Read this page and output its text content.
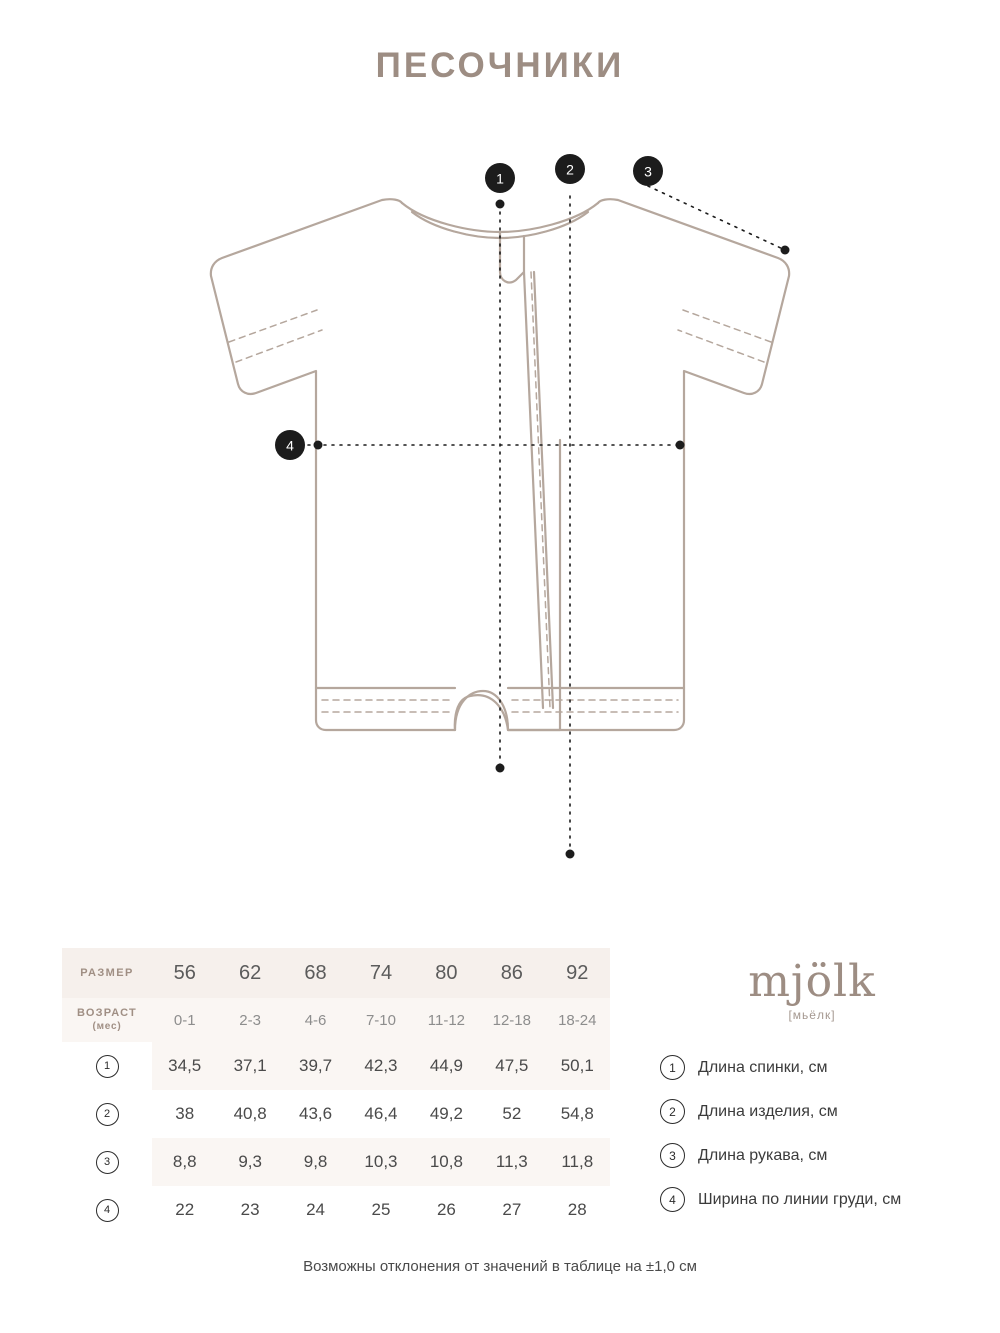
ПЕСОЧНИКИ
1
2	3
4
РАЗМЕР	56	62	68	74	80	86	92
ВОЗРАСТ
(мес)	0-1	2-3	4-6	7-10	11-12	12-18	18-24
1	34,5	37,1	39,7	42,3	44,9	47,5	50,1
2	38	40,8	43,6	46,4	49,2	52	54,8
3	8,8	9,3	9,8	10,3	10,8	11,3	11,8
4	22	23	24	25	26	27	28
mjölk
[мьёлк]
1	Длина спинки, см
2	Длина изделия, см
3	Длина рукава, см
4	Ширина по линии груди, см
Возможны отклонения от значений в таблице на ±1,0 см
